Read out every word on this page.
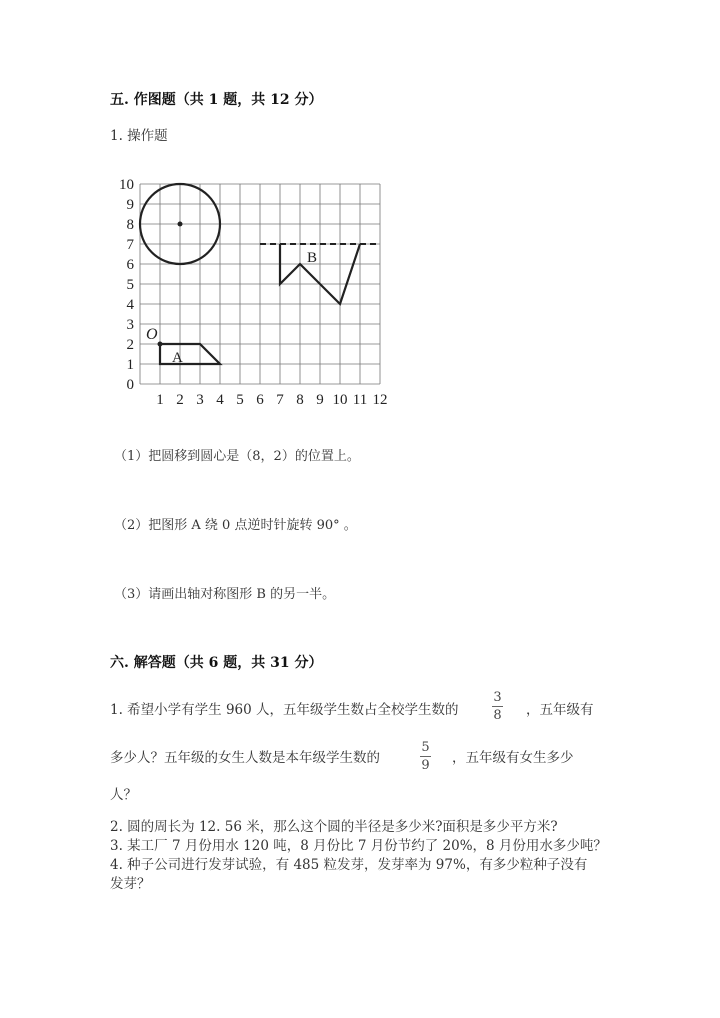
五. 作图题（共 1 题，共 12 分）
1. 操作题
1 2 3 4 5 6 7 8 9 10 11 12
0
1
2
3
4
5
6
7
8
9
10
O
A
B
（1）把圆移到圆心是（8，2）的位置上。
（2）把图形 A 绕 0 点逆时针旋转 90° 。
（3）请画出轴对称图形 B 的另一半。
六. 解答题（共 6 题，共 31 分）
1. 希望小学有学生 960 人，五年级学生数占全校学生数的
3
8 ，五年级有
多少人？五年级的女生人数是本年级学生数的
5
9 ，五年级有女生多少
人？
2. 圆的周长为 12. 56 米，那么这个圆的半径是多少米?面积是多少平方米?
3. 某工厂 7 月份用水 120 吨，8 月份比 7 月份节约了 20%，8 月份用水多少吨？
4. 种子公司进行发芽试验，有 485 粒发芽，发芽率为 97%，有多少粒种子没有
发芽？
